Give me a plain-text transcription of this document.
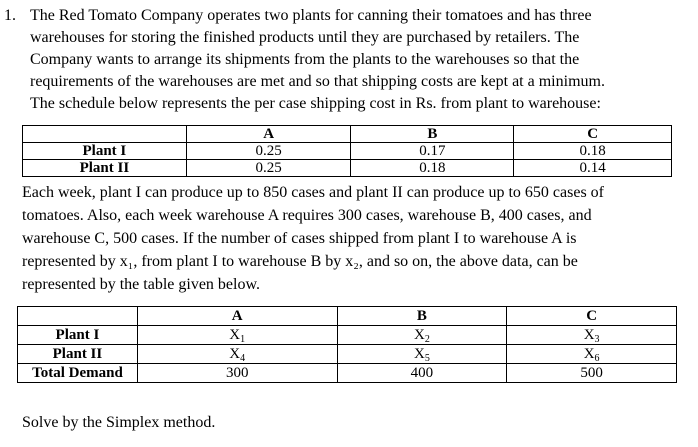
1. The Red Tomato Company operates two plants for canning their tomatoes and has three
warehouses for storing the finished products until they are purchased by retailers. The
Company wants to arrange its shipments from the plants to the warehouses so that the
requirements of the warehouses are met and so that shipping costs are kept at a minimum.
The schedule below represents the per case shipping cost in Rs. from plant to warehouse:

	A	B	C
Plant I	0.25	0.17	0.18
Plant II	0.25	0.18	0.14

Each week, plant I can produce up to 850 cases and plant II can produce up to 650 cases of
tomatoes. Also, each week warehouse A requires 300 cases, warehouse B, 400 cases, and
warehouse C, 500 cases. If the number of cases shipped from plant I to warehouse A is
represented by x₁, from plant I to warehouse B by x₂, and so on, the above data, can be
represented by the table given below.

	A	B	C
Plant I	$X_1$	$X_2$	$X_3$
Plant II	$X_4$	$X_5$	$X_6$
Total Demand	300	400	500
Solve by the Simplex method.
